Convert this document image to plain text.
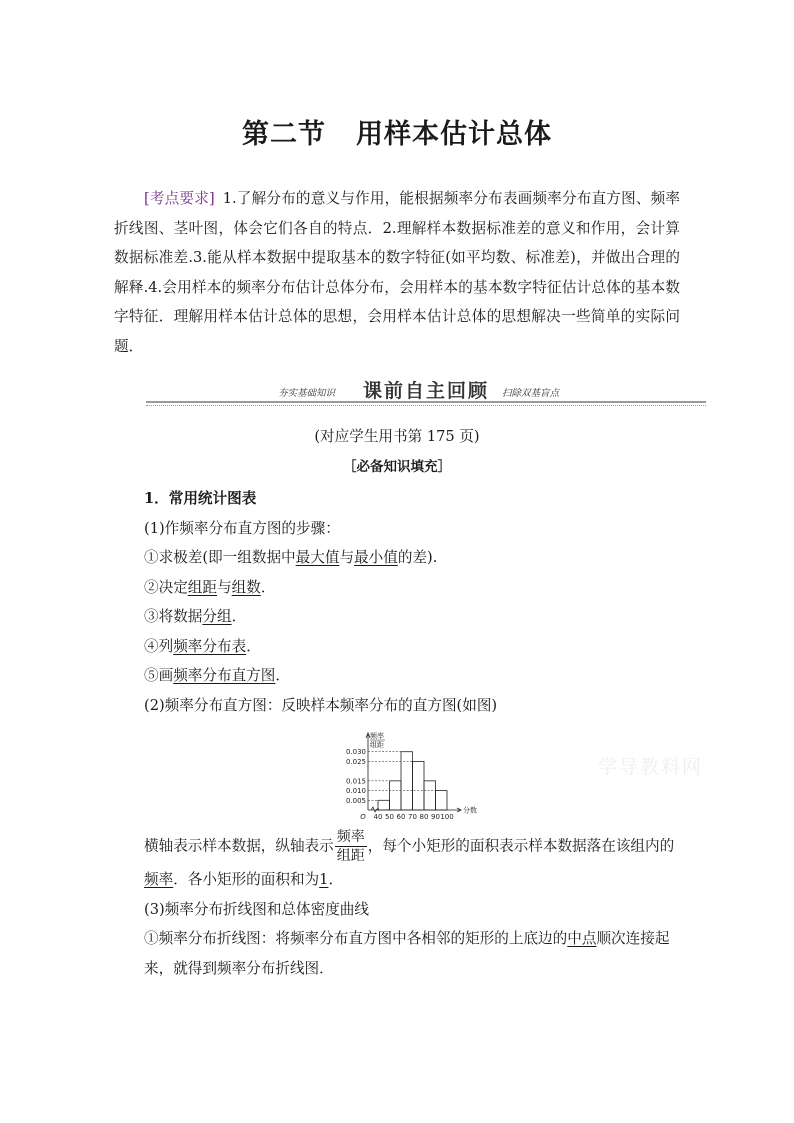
第二节 用样本估计总体
[考点要求] 1.了解分布的意义与作用，能根据频率分布表画频率分布直方图、频率折线图、茎叶图，体会它们各自的特点．2.理解样本数据标准差的意义和作用，会计算数据标准差.3.能从样本数据中提取基本的数字特征(如平均数、标准差)，并做出合理的解释.4.会用样本的频率分布估计总体分布，会用样本的基本数字特征估计总体的基本数字特征．理解用样本估计总体的思想，会用样本估计总体的思想解决一些简单的实际问题．
夯实基础知识	课前自主回顾	扫除双基盲点
(对应学生用书第 175 页)
［必备知识填充］

1．常用统计图表

(1)作频率分布直方图的步骤：

①求极差(即一组数据中最大值与最小值的差).

②决定组距与组数．

③将数据分组．

④列频率分布表．

⑤画频率分布直方图．

(2)频率分布直方图：反映样本频率分布的直方图(如图)

0.005
0.010
0.015
0.025
0.030
40 50 60 70 80 90 100
O
频率
组距
分数
学导教料网

横轴表示样本数据，纵轴表示 $\frac{\text{频率}}{\text{组距}}$ ，每个小矩形的面积表示样本数据落在该组内的频率．各小矩形的面积和为1．

(3)频率分布折线图和总体密度曲线

①频率分布折线图：将频率分布直方图中各相邻的矩形的上底边的中点顺次连接起来，就得到频率分布折线图．
